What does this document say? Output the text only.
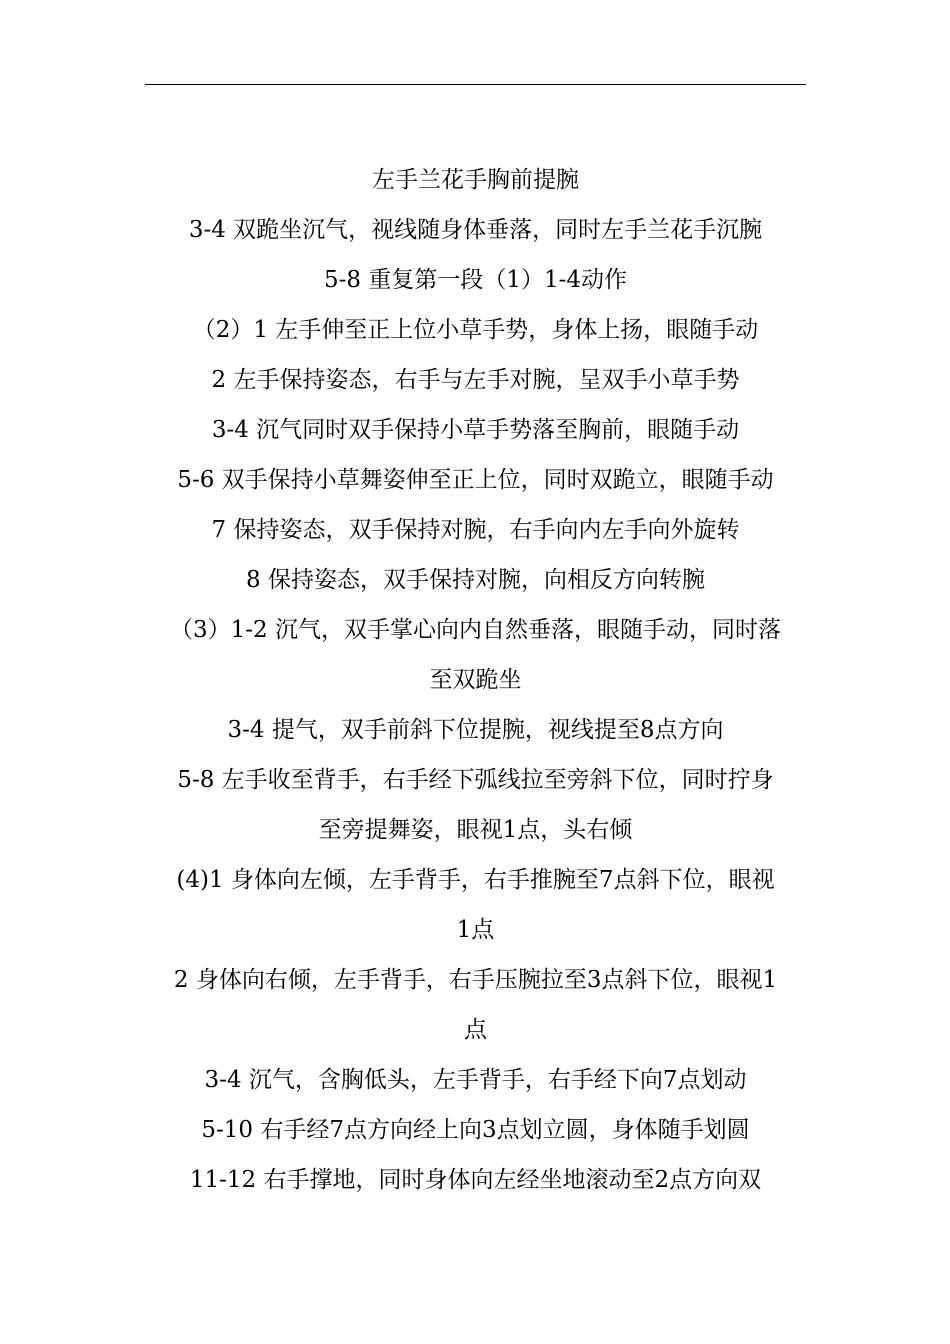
左手兰花手胸前提腕

3-4 双跪坐沉气，视线随身体垂落，同时左手兰花手沉腕

5-8 重复第一段（1）1-4动作

（2）1 左手伸至正上位小草手势，身体上扬，眼随手动

2 左手保持姿态，右手与左手对腕，呈双手小草手势

3-4 沉气同时双手保持小草手势落至胸前，眼随手动

5-6 双手保持小草舞姿伸至正上位，同时双跪立，眼随手动

7 保持姿态，双手保持对腕，右手向内左手向外旋转

8 保持姿态，双手保持对腕，向相反方向转腕

（3）1-2 沉气，双手掌心向内自然垂落，眼随手动，同时落

至双跪坐

3-4 提气，双手前斜下位提腕，视线提至8点方向

5-8 左手收至背手，右手经下弧线拉至旁斜下位，同时拧身

至旁提舞姿，眼视1点，头右倾

(4)1 身体向左倾，左手背手，右手推腕至7点斜下位，眼视

1点

2 身体向右倾，左手背手，右手压腕拉至3点斜下位，眼视1

点

3-4 沉气，含胸低头，左手背手，右手经下向7点划动

5-10 右手经7点方向经上向3点划立圆，身体随手划圆

11-12 右手撑地，同时身体向左经坐地滚动至2点方向双
